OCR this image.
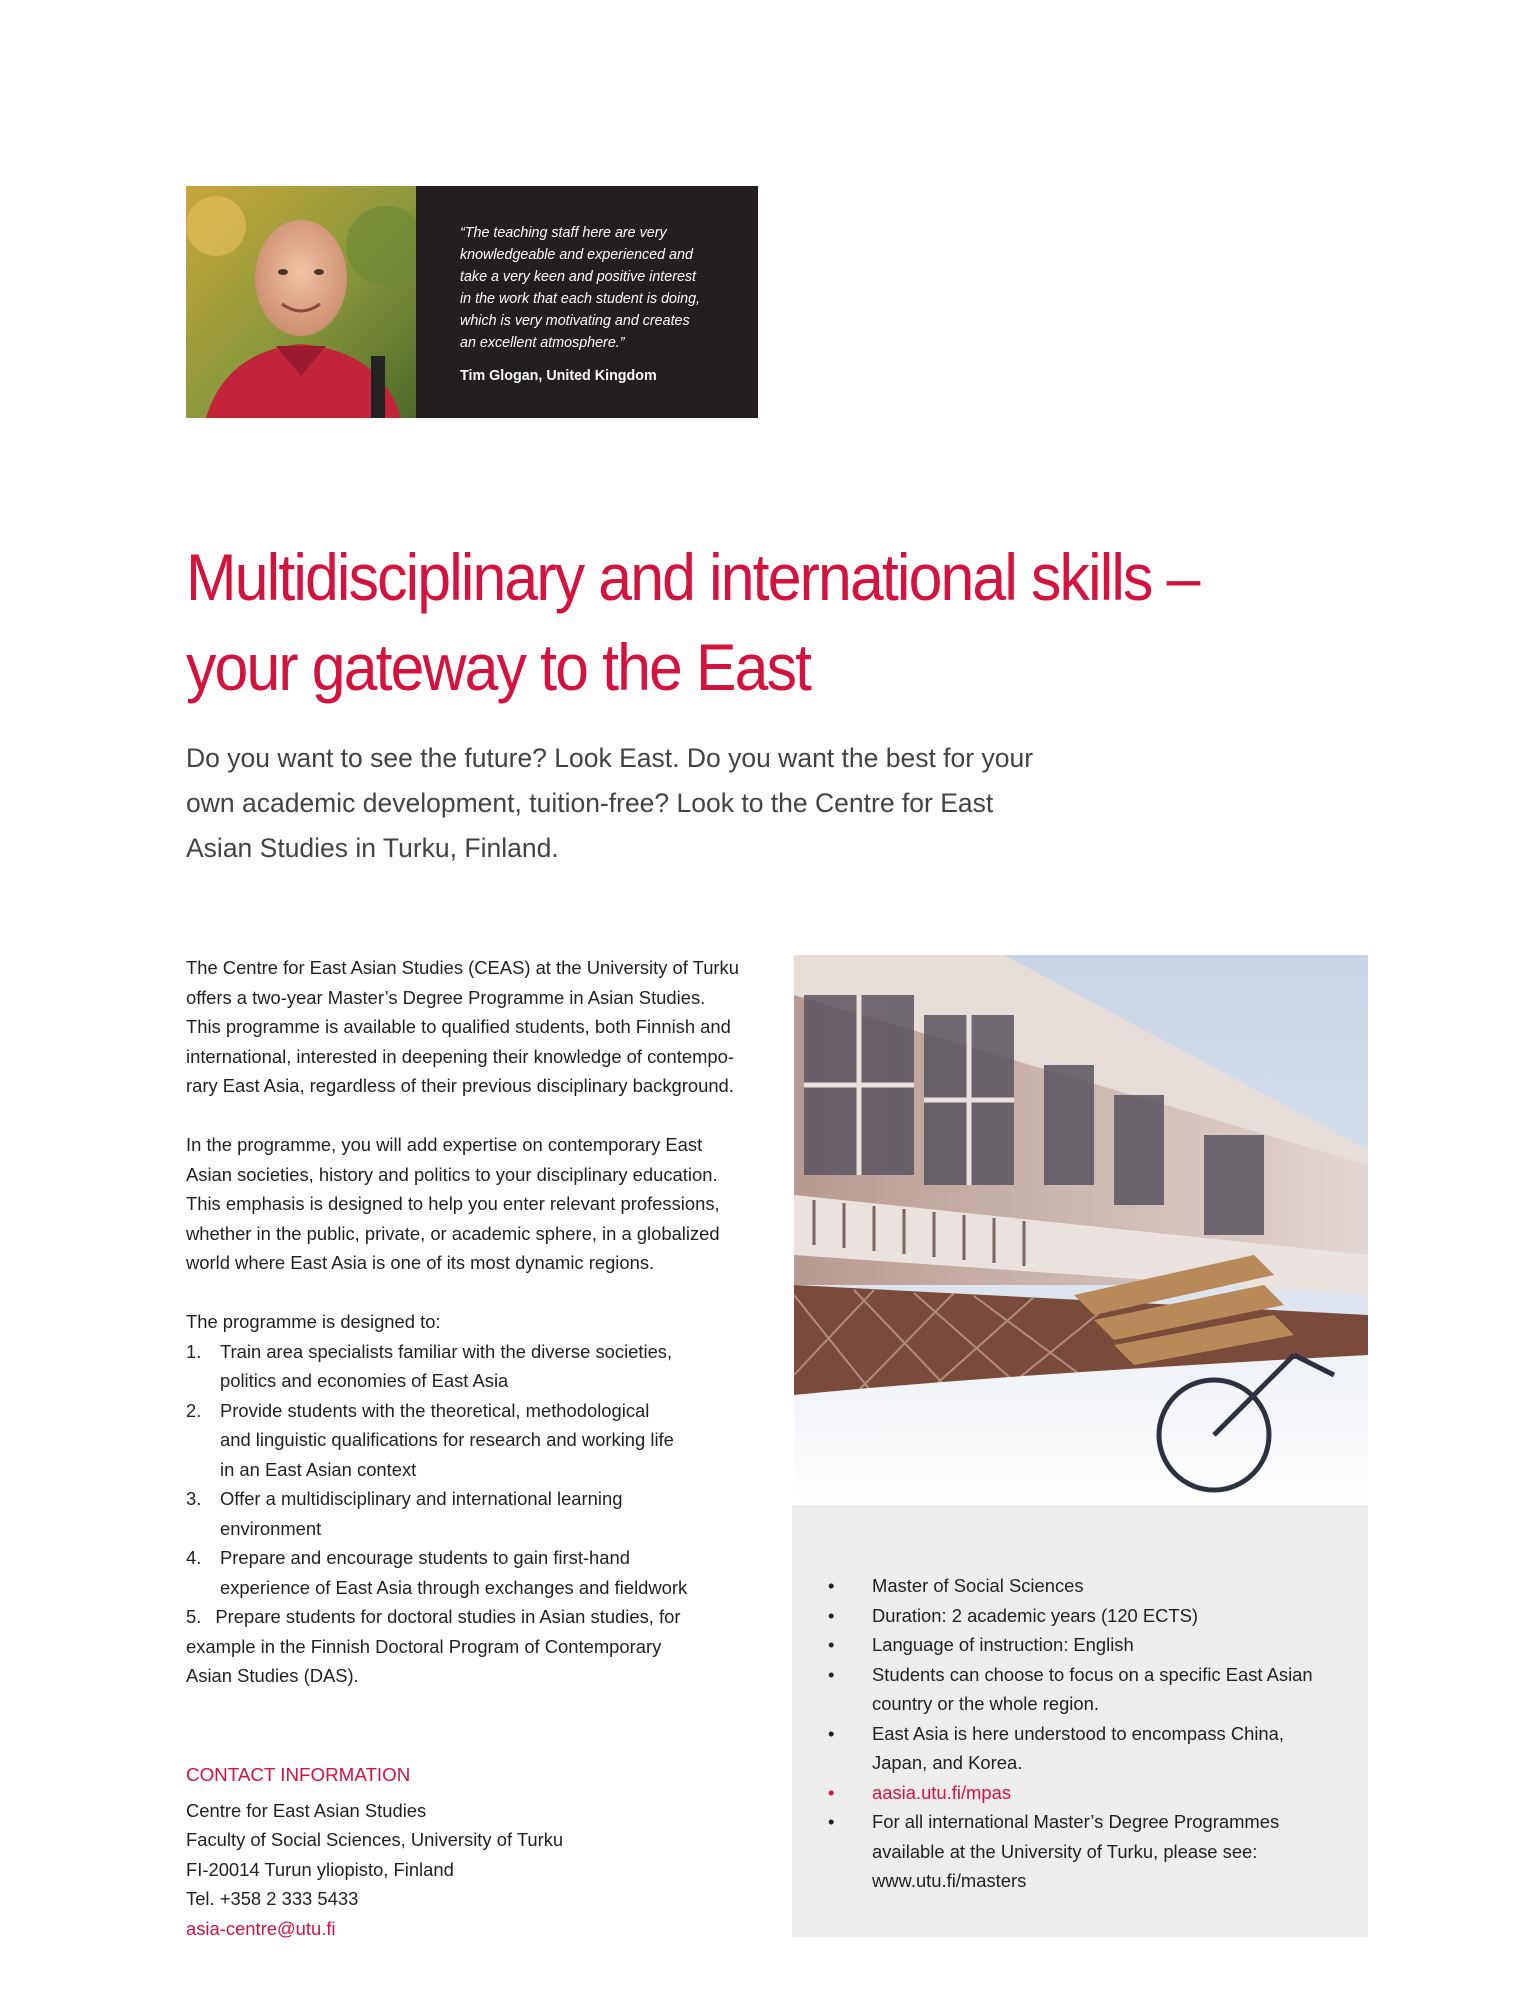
“The teaching staff here are very
knowledgeable and experienced and
take a very keen and positive interest
in the work that each student is doing,
which is very motivating and creates
an excellent atmosphere.”
Tim Glogan, United Kingdom
Multidisciplinary and international skills –
your gateway to the East
Do you want to see the future? Look East. Do you want the best for your
own academic development, tuition-free? Look to the Centre for East
Asian Studies in Turku, Finland.

The Centre for East Asian Studies (CEAS) at the University of Turku
offers a two-year Master’s Degree Programme in Asian Studies.
This programme is available to qualified students, both Finnish and
international, interested in deepening their knowledge of contempo-
rary East Asia, regardless of their previous disciplinary background.

In the programme, you will add expertise on contemporary East
Asian societies, history and politics to your disciplinary education.
This emphasis is designed to help you enter relevant professions,
whether in the public, private, or academic sphere, in a globalized
world where East Asia is one of its most dynamic regions.

The programme is designed to:

1. Train area specialists familiar with the diverse societies,
politics and economies of East Asia
2. Provide students with the theoretical, methodological
and linguistic qualifications for research and working life
in an East Asian context
3. Offer a multidisciplinary and international learning
environment
4. Prepare and encourage students to gain first-hand
experience of East Asia through exchanges and fieldwork
5. Prepare students for doctoral studies in Asian studies, for
example in the Finnish Doctoral Program of Contemporary
Asian Studies (DAS).
CONTACT INFORMATION
Centre for East Asian Studies
Faculty of Social Sciences, University of Turku
FI-20014 Turun yliopisto, Finland
Tel. +358 2 333 5433
asia-centre@utu.fi
• Master of Social Sciences
• Duration: 2 academic years (120 ECTS)
• Language of instruction: English
• Students can choose to focus on a specific East Asian
country or the whole region.
• East Asia is here understood to encompass China,
Japan, and Korea.
• aasia.utu.fi/mpas
• For all international Master’s Degree Programmes
available at the University of Turku, please see:
www.utu.fi/masters
